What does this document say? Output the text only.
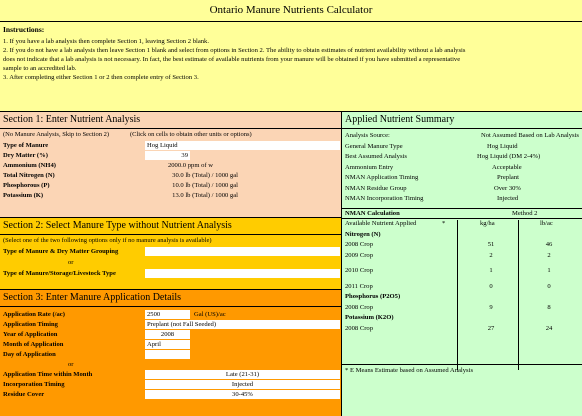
Ontario Manure Nutrients Calculator
Instructions:
1. If you have a lab analysis then complete Section 1, leaving Section 2 blank.
2. If you do not have a lab analysis then leave Section 1 blank and select from options in Section 2. The ability to obtain estimates of nutrient availability without a lab analysis
does not indicate that a lab analysis is not necessary. In fact, the best estimate of available nutrients from your manure will be obtained if you have submitted a representative
sample to an accredited lab.
3. After completing either Section 1 or 2 then complete entry of Section 3.
Section 1: Enter Nutrient Analysis
(No Manure Analysis, Skip to Section 2)	(Click on cells to obtain other units or options)
Type of Manure	Hog Liquid
Dry Matter (%)	39
Ammonium (NH4)	2000.0 ppm of w
Total Nitrogen (N)	30.0 lb (Total) / 1000 gal
Phosphorous (P)	10.0 lb (Total) / 1000 gal
Potassium (K)	13.0 lb (Total) / 1000 gal
Section 2: Select Manure Type without Nutrient Analysis
(Select one of the two following options only if no manure analysis is available)
Type of Manure & Dry Matter Grouping
or
Type of Manure/Storage/Livestock Type
Section 3: Enter Manure Application Details
Application Rate (/ac)	2500	Gal (US)/ac
Application Timing	Preplant (not Fall Seeded)
Year of Application	2008
Month of Application	April
Day of Application
or
Application Time within Month	Late (21-31)
Incorporation Timing	Injected
Residue Cover	30-45%
Applied Nutrient Summary
Analysis Source:	Not Assumed Based on Lab Analysis
General Manure Type	Hog Liquid
Best Assumed Analysis	Hog Liquid (DM 2-4%)
Ammonium Entry	Acceptable
NMAN Application Timing	Preplant
NMAN Residue Group	Over 30%
NMAN Incorporation Timing	Injected
NMAN Calculation	Method 2
Available Nutrient Applied	*	kg/ha	lb/ac
Nitrogen (N)
2008 Crop	51	46
2009 Crop	2	2
2010 Crop	1	1
2011 Crop	0	0
Phosphorus (P2O5)
2008 Crop	9	8
Potassium (K2O)
2008 Crop	27	24
* E Means Estimate based on Assumed Analysis
